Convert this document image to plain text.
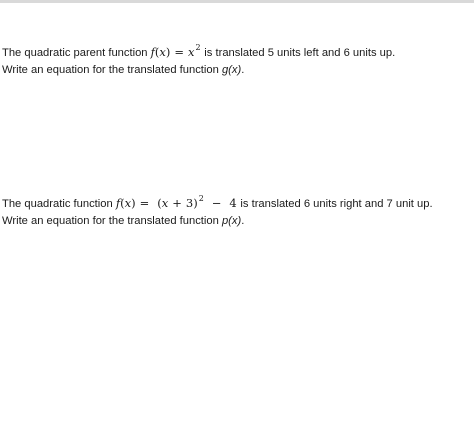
The quadratic parent function $f(x) = x^2$ is translated 5 units left and 6 units up.
Write an equation for the translated function g(x).
The quadratic function $f(x) = (x + 3)^2 - 4$ is translated 6 units right and 7 unit up.
Write an equation for the translated function p(x).
